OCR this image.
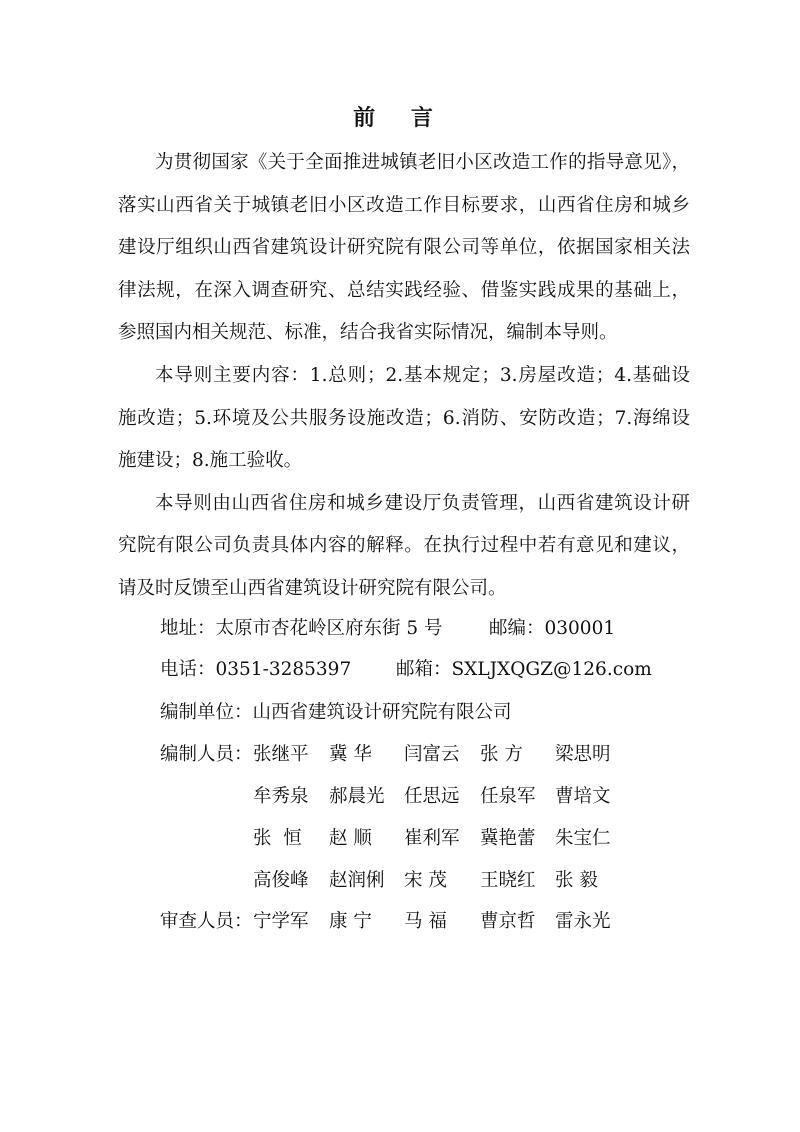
前 言
为贯彻国家《关于全面推进城镇老旧小区改造工作的指导意见》，
落实山西省关于城镇老旧小区改造工作目标要求，山西省住房和城乡
建设厅组织山西省建筑设计研究院有限公司等单位，依据国家相关法
律法规，在深入调查研究、总结实践经验、借鉴实践成果的基础上，
参照国内相关规范、标准，结合我省实际情况，编制本导则。
本导则主要内容：1.总则；2.基本规定；3.房屋改造；4.基础设
施改造；5.环境及公共服务设施改造；6.消防、安防改造；7.海绵设
施建设；8.施工验收。
本导则由山西省住房和城乡建设厅负责管理，山西省建筑设计研
究院有限公司负责具体内容的解释。在执行过程中若有意见和建议，
请及时反馈至山西省建筑设计研究院有限公司。
地址：太原市杏花岭区府东街 5 号	邮编：030001
电话：0351-3285397 邮箱：SXLJXQGZ@126.com
编制单位：山西省建筑设计研究院有限公司
编制人员：
审查人员：
张继平 冀 华 闫富云 张 方 梁思明
牟秀泉 郝晨光 任思远 任泉军 曹培文
张  恒 赵 顺 崔利军 冀艳蕾 朱宝仁
高俊峰 赵润俐 宋 茂 王晓红 张 毅
宁学军 康 宁 马 福 曹京哲 雷永光
